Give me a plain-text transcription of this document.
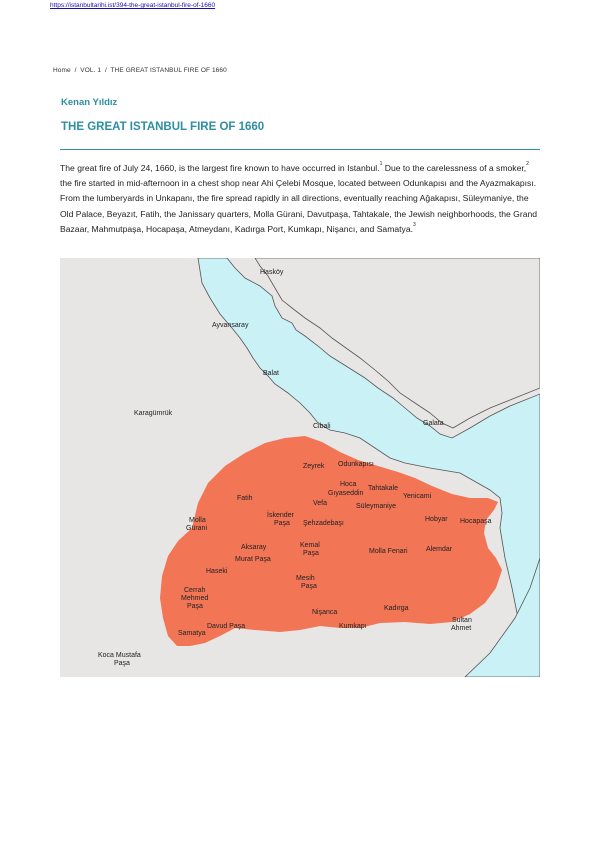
https://istanbultarihi.ist/394-the-great-istanbul-fire-of-1660
Home / VOL. 1 / THE GREAT ISTANBUL FIRE OF 1660
Kenan Yıldız
THE GREAT ISTANBUL FIRE OF 1660
The great fire of July 24, 1660, is the largest fire known to have occurred in Istanbul.$^1$ Due to the carelessness of a smoker,$^2$ the fire started in mid-afternoon in a chest shop near Ahi Çelebi Mosque, located between Odunkapısı and the Ayazmakapısı. From the lumberyards in Unkapanı, the fire spread rapidly in all directions, eventually reaching Ağakapısı, Süleymaniye, the Old Palace, Beyazıt, Fatih, the Janissary quarters, Molla Gürani, Davutpaşa, Tahtakale, the Jewish neighborhoods, the Grand Bazaar, Mahmutpaşa, Hocapaşa, Atmeydanı, Kadırga Port, Kumkapı, Nişancı, and Samatya.$^3$
Hasköy
Ayvansaray
Balat
Karagümrük
Cibali	Galata
Zeyrek Odunkapısı
Hoca
Gıyaseddin
Tahtakale
Yenicami
Fatih
Vefa	Süleymaniye
Hobyar Hocapaşa
Molla
Gürani
İskender
Paşa Şehzadebaşı
Aksaray
Murat Paşa
Kemal
Paşa	Molla Fenari	Alemdar
Haseki
Mesih
Paşa
Cerrah
Mehmed
Paşa
Nişanca
Kadırga
Sultan
Ahmet
Davud Paşa	Kumkapı
Samatya
Koca Mustafa
Paşa
